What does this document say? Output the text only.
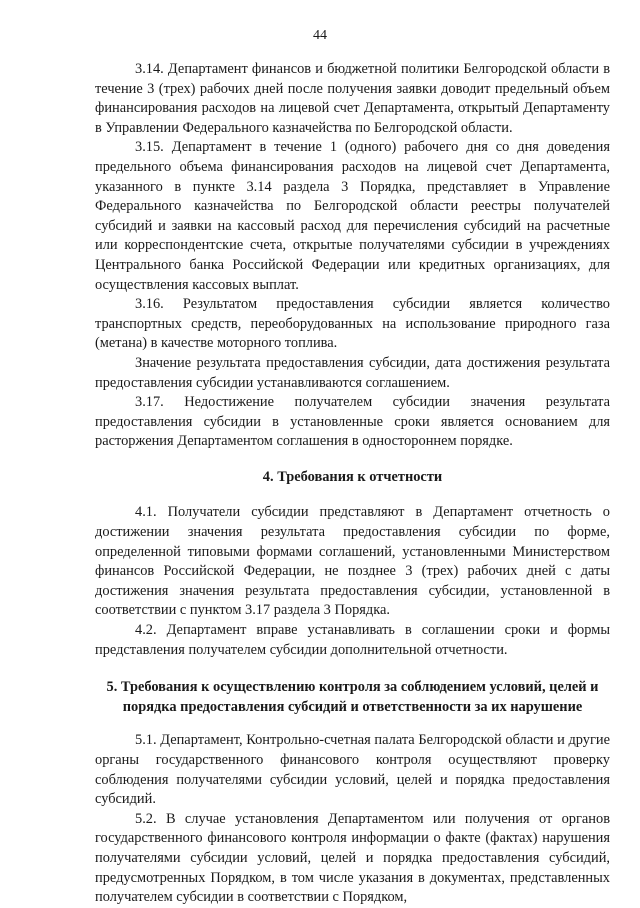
44

3.14. Департамент финансов и бюджетной политики Белгородской области в течение 3 (трех) рабочих дней после получения заявки доводит предельный объем финансирования расходов на лицевой счет Департамента, открытый Департаменту в Управлении Федерального казначейства по Белгородской области.

3.15. Департамент в течение 1 (одного) рабочего дня со дня доведения предельного объема финансирования расходов на лицевой счет Департамента, указанного в пункте 3.14 раздела 3 Порядка, представляет в Управление Федерального казначейства по Белгородской области реестры получателей субсидий и заявки на кассовый расход для перечисления субсидий на расчетные или корреспондентские счета, открытые получателями субсидии в учреждениях Центрального банка Российской Федерации или кредитных организациях, для осуществления кассовых выплат.

3.16. Результатом предоставления субсидии является количество транспортных средств, переоборудованных на использование природного газа (метана) в качестве моторного топлива.

Значение результата предоставления субсидии, дата достижения результата предоставления субсидии устанавливаются соглашением.

3.17. Недостижение получателем субсидии значения результата предоставления субсидии в установленные сроки является основанием для расторжения Департаментом соглашения в одностороннем порядке.

4. Требования к отчетности

4.1. Получатели субсидии представляют в Департамент отчетность о достижении значения результата предоставления субсидии по форме, определенной типовыми формами соглашений, установленными Министерством финансов Российской Федерации, не позднее 3 (трех) рабочих дней с даты достижения значения результата предоставления субсидии, установленной в соответствии с пунктом 3.17 раздела 3 Порядка.

4.2. Департамент вправе устанавливать в соглашении сроки и формы представления получателем субсидии дополнительной отчетности.

5. Требования к осуществлению контроля за соблюдением условий, целей и порядка предоставления субсидий и ответственности за их нарушение

5.1. Департамент, Контрольно-счетная палата Белгородской области и другие органы государственного финансового контроля осуществляют проверку соблюдения получателями субсидии условий, целей и порядка предоставления субсидий.

5.2. В случае установления Департаментом или получения от органов государственного финансового контроля информации о факте (фактах) нарушения получателями субсидии условий, целей и порядка предоставления субсидий, предусмотренных Порядком, в том числе указания в документах, представленных получателем субсидии в соответствии с Порядком,
